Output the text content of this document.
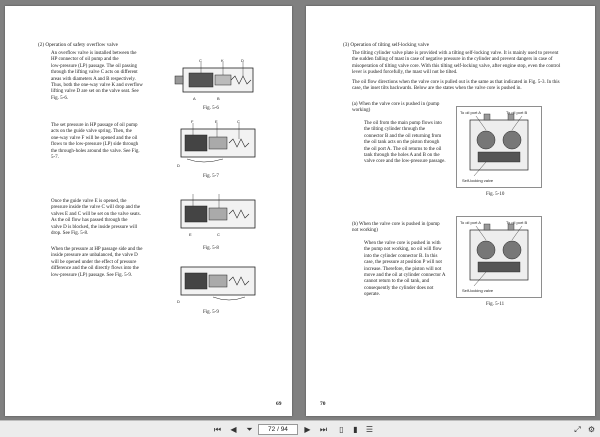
(2) Operation of safety overflow valve
An overflow valve is installed between the
HP connector of oil pump and the
low-pressure (LP) passage. The oil passing
through the lifting valve C acts on different
areas with diameters A and B respectively.
Thus, both the one-way valve K and overflow
lifting valve D are set on the valve seat. See
Fig. 5-6.
The set pressure in HP passage of oil pump
acts on the guide valve spring. Then, the
one-way valve F will be opened and the oil
flows to the low-pressure (LP) side through
the through-holes around the valve. See Fig.
5-7.
Once the guide valve E is opened, the
pressure inside the valve C will drop and the
valves E and C will be set on the valve seats.
As the oil flow has passed through the
valve D is blocked, the inside pressure will
drop. See Fig. 5-8.
When the pressure at HP passage side and the
inside pressure are unbalanced, the valve D
will be opened under the effect of pressure
difference and the oil directly flows into the
low-pressure (LP) passage. See Fig. 5-9.
C	K	D
A	B
Fig. 5-6
F	E	C
D
Fig. 5-7
E	C
Fig. 5-8
D
Fig. 5-9
69
(3) Operation of tilting self-locking valve
The tilting cylinder valve plate is provided with a tilting self-locking valve. It is mainly used to prevent
the sudden falling of mast in case of negative pressure in the cylinder and prevent dangers in case of
misoperation of tilting valve core. With this tilting self-locking valve, after engine stop, even the control
lever is pushed forcefully, the mast will not be tilted.
The oil flow directions when the valve core is pulled out is the same as that indicated in Fig. 5-3. In this
case, the inset tilts backwards. Below are the states when the valve core is pushed in.
(a) When the valve core is pushed in (pump
working)
The oil from the main pump flows into
the tilting cylinder through the
connector B and the oil returning from
the oil tank acts on the piston through
the oil port A. The oil returns to the oil
tank through the holes A and B on the
valve core and the low-pressure passage.
(b) When the valve core is pushed in (pump
not working)
When the valve core is pushed in with
the pump not working, no oil will flow
into the cylinder connector B. In this
case, the pressure at position P will not
increase. Therefore, the piston will not
move and the oil at cylinder connector A
cannot return to the oil tank, and
consequently the cylinder does not
operate.
To oil port A	To oil port B
Self-locking valve
Fig. 5-10
To oil port A	To oil port B
Self-locking valve
Fig. 5-11
70
⏮	◀	⏷	72 / 94	▶	⏭	▯	▮	☰	⤢ ⚙
